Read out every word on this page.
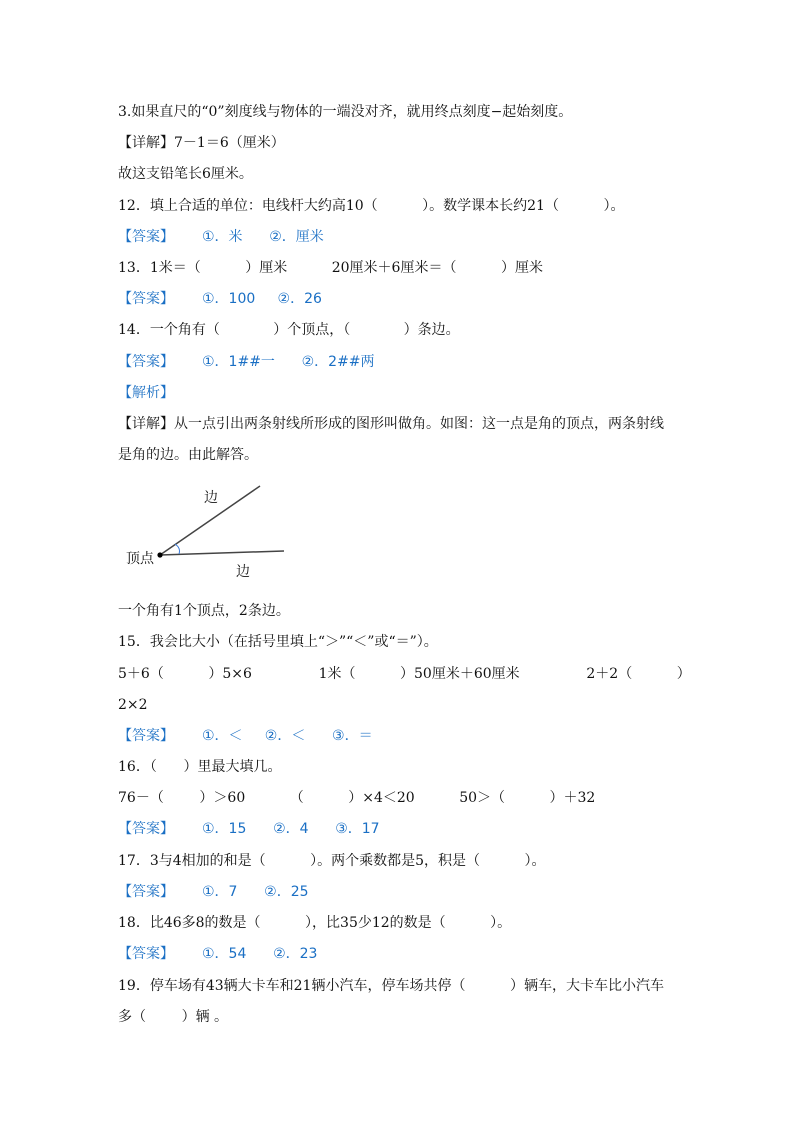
3.如果直尺的“0”刻度线与物体的一端没对齐，就用终点刻度−起始刻度。
【详解】7－1＝6（厘米）
故这支铅笔长6厘米。
12．填上合适的单位：电线杆大约高10（          ）。数学课本长约21（          ）。
【答案】 ①．米      ②．厘米
13．1米＝（          ）厘米          20厘米＋6厘米＝（          ）厘米
【答案】 ①．100     ②．26
14．一个角有（            ）个顶点，（            ）条边。
【答案】 ①．1##一      ②．2##两
【解析】
【详解】从一点引出两条射线所形成的图形叫做角。如图：这一点是角的顶点，两条射线
是角的边。由此解答。
边
边
顶点
一个角有1个顶点，2条边。
15．我会比大小（在括号里填上“＞”“＜”或“＝”）。
5＋6（          ）5×6               1米（          ）50厘米＋60厘米               2＋2（          ）
2×2
【答案】 ①．＜     ②．＜      ③．＝
16．（      ）里最大填几。
76－（        ）＞60          （          ）×4＜20          50＞（          ）＋32
【答案】 ①．15      ②．4      ③．17
17．3与4相加的和是（          ）。两个乘数都是5，积是（          ）。
【答案】 ①．7      ②．25
18．比46多8的数是（          ），比35少12的数是（          ）。
【答案】 ①．54      ②．23
19．停车场有43辆大卡车和21辆小汽车，停车场共停（          ）辆车，大卡车比小汽车
多（        ）辆 。
